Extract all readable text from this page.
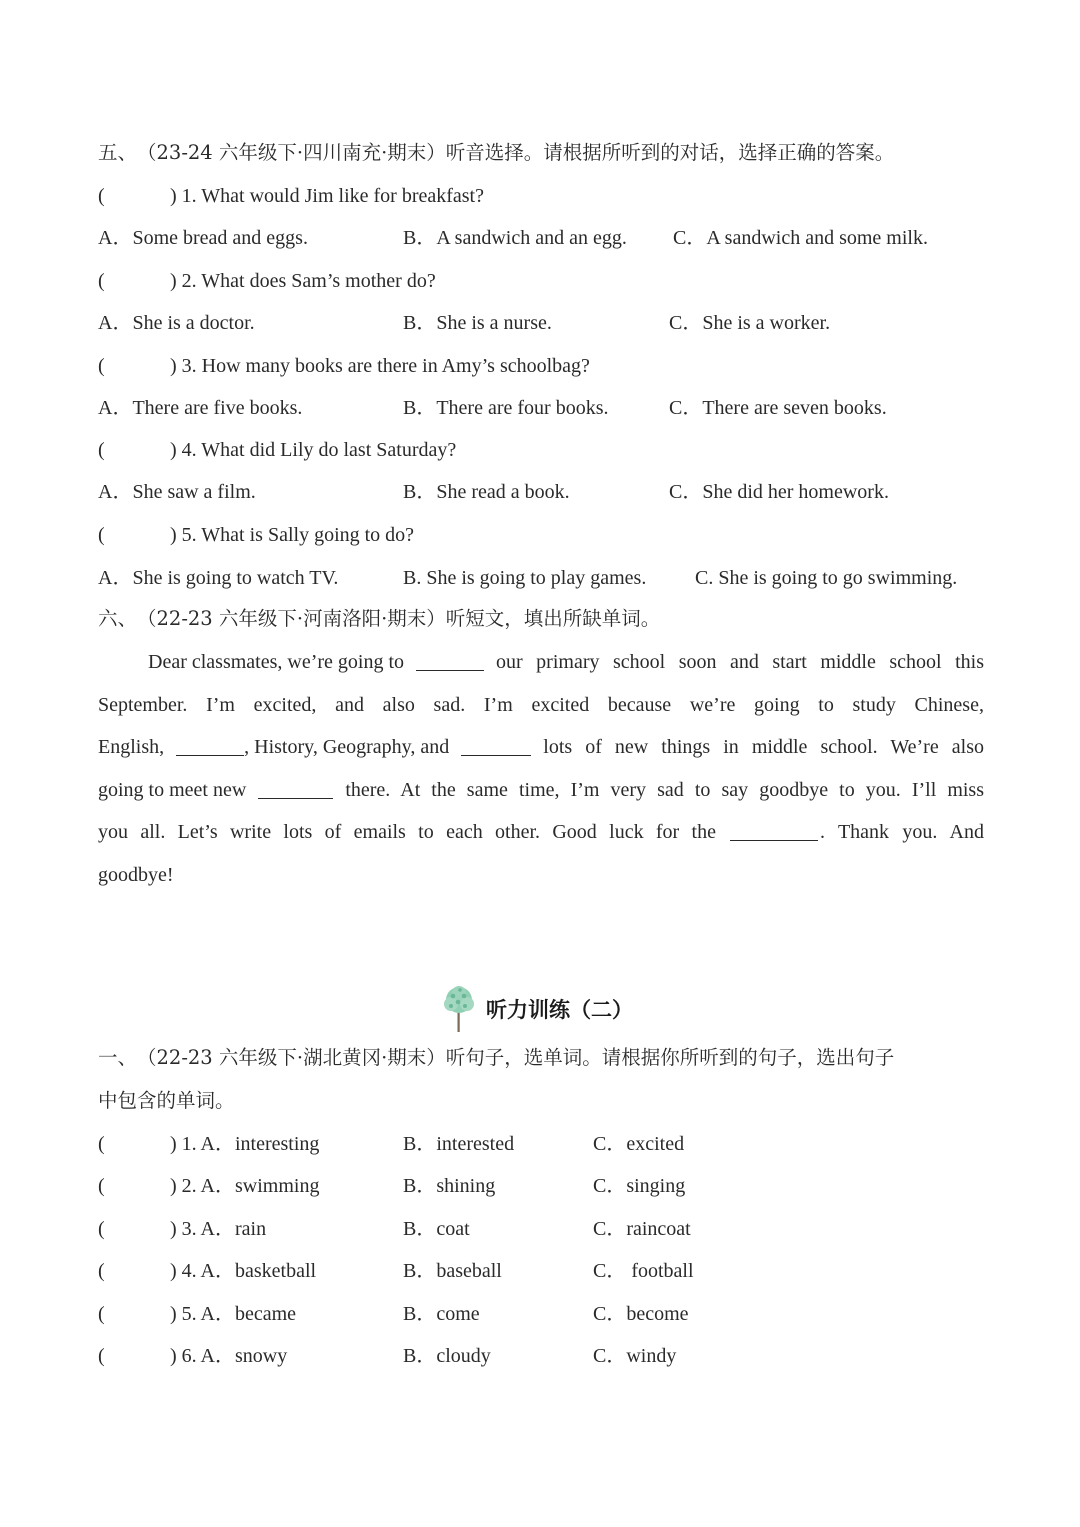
五、　（23-24 六年级下·四川南充·期末）听音选择。请根据所听到的对话，选择正确的答案。
(	) 1. What would Jim like for breakfast?
A．Some bread and eggs.	B．A sandwich and an egg. C．A sandwich and some milk.
(	) 2. What does Sam’s mother do?
A．She is a doctor.	B．She is a nurse.	C．She is a worker.
(	) 3. How many books are there in Amy’s schoolbag?
A．There are five books.	B．There are four books.	C．There are seven books.
(	) 4. What did Lily do last Saturday?
A．She saw a film.	B．She read a book.	C．She did her homework.
(	) 5. What is Sally going to do?
A．She is going to watch TV.	B. She is going to play games. C. She is going to go swimming.
六、　（22-23 六年级下·河南洛阳·期末）听短文，填出所缺单词。
Dear classmates, we’re going to	our primary school soon and start middle school this
September. I’m excited, and also sad. I’m excited because we’re going to study Chinese,
English,	, History, Geography, and	lots of new things in middle school. We’re also
going to meet new	there. At the same time, I’m very sad to say goodbye to you. I’ll miss
you all. Let’s write lots of emails to each other. Good luck for the	. Thank you. And
goodbye!
听力训练（二）
一、　（22-23 六年级下·湖北黄冈·期末）听句子，选单词。请根据你所听到的句子，选出句子
中包含的单词。
(	) 1. A．interesting	B．interested	C．excited
(	) 2. A．swimming	B．shining	C．singing
(	) 3. A．rain	B．coat	C．raincoat
(	) 4. A．basketball	B．baseball	C． football
(	) 5. A．became	B．come	C．become
(	) 6. A．snowy	B．cloudy	C．windy
